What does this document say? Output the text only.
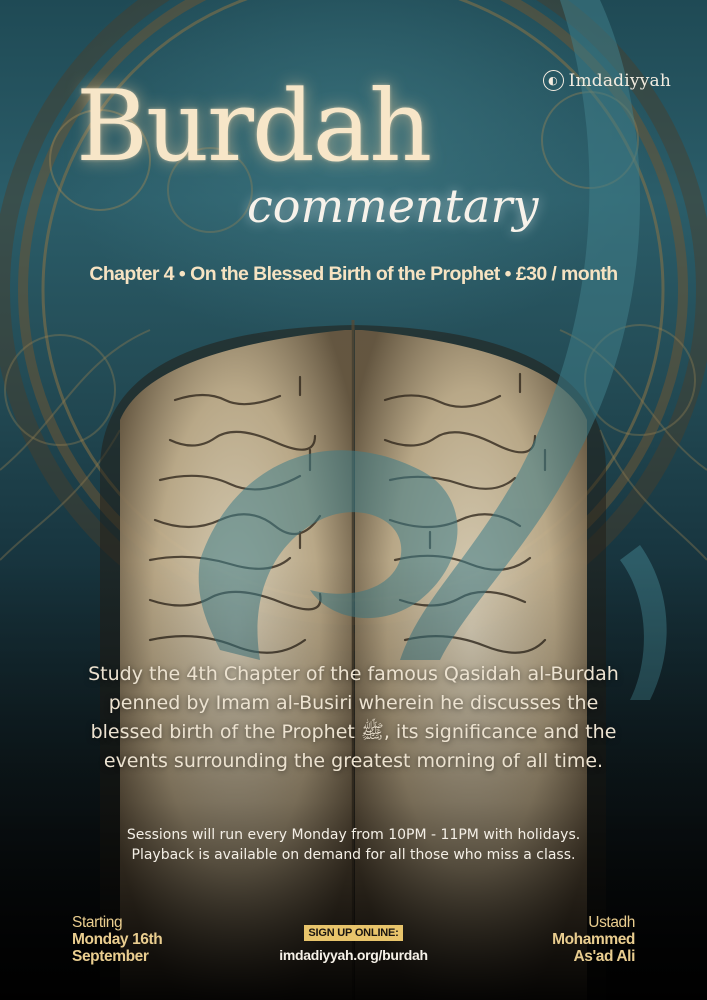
◐ Imdadiyyah
Burdah
commentary
Chapter 4 • On the Blessed Birth of the Prophet • £30 / month

Study the 4th Chapter of the famous Qasidah al-Burdah penned by Imam al-Busiri wherein he discusses the blessed birth of the Prophet ﷺ, its significance and the events surrounding the greatest morning of all time.

Sessions will run every Monday from 10PM - 11PM with holidays.

Playback is available on demand for all those who miss a class.

Starting
Monday 16th
September
SIGN UP ONLINE:
imdadiyyah.org/burdah
Ustadh
Mohammed
As'ad Ali
